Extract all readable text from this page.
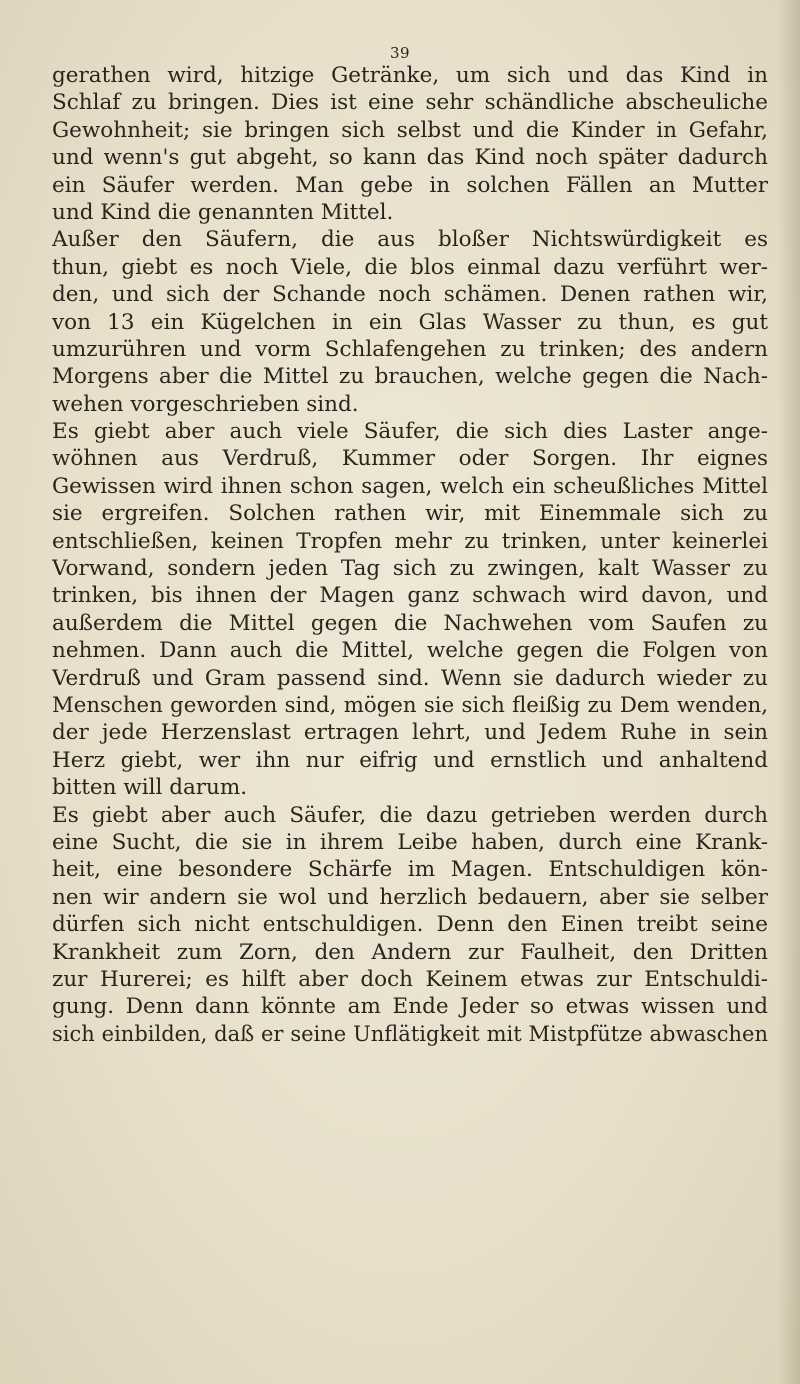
39
gerathen wird, hitzige Getränke, um sich und das Kind in
Schlaf zu bringen. Dies ist eine sehr schändliche abscheuliche
Gewohnheit; sie bringen sich selbst und die Kinder in Gefahr,
und wenn's gut abgeht, so kann das Kind noch später dadurch
ein Säufer werden. Man gebe in solchen Fällen an Mutter
und Kind die genannten Mittel.
Außer den Säufern, die aus bloßer Nichtswürdigkeit es
thun, giebt es noch Viele, die blos einmal dazu verführt wer-
den, und sich der Schande noch schämen. Denen rathen wir,
von 13 ein Kügelchen in ein Glas Wasser zu thun, es gut
umzurühren und vorm Schlafengehen zu trinken; des andern
Morgens aber die Mittel zu brauchen, welche gegen die Nach-
wehen vorgeschrieben sind.
Es giebt aber auch viele Säufer, die sich dies Laster ange-
wöhnen aus Verdruß, Kummer oder Sorgen. Ihr eignes
Gewissen wird ihnen schon sagen, welch ein scheußliches Mittel
sie ergreifen. Solchen rathen wir, mit Einemmale sich zu
entschließen, keinen Tropfen mehr zu trinken, unter keinerlei
Vorwand, sondern jeden Tag sich zu zwingen, kalt Wasser zu
trinken, bis ihnen der Magen ganz schwach wird davon, und
außerdem die Mittel gegen die Nachwehen vom Saufen zu
nehmen. Dann auch die Mittel, welche gegen die Folgen von
Verdruß und Gram passend sind. Wenn sie dadurch wieder zu
Menschen geworden sind, mögen sie sich fleißig zu Dem wenden,
der jede Herzenslast ertragen lehrt, und Jedem Ruhe in sein
Herz giebt, wer ihn nur eifrig und ernstlich und anhaltend
bitten will darum.
Es giebt aber auch Säufer, die dazu getrieben werden durch
eine Sucht, die sie in ihrem Leibe haben, durch eine Krank-
heit, eine besondere Schärfe im Magen. Entschuldigen kön-
nen wir andern sie wol und herzlich bedauern, aber sie selber
dürfen sich nicht entschuldigen. Denn den Einen treibt seine
Krankheit zum Zorn, den Andern zur Faulheit, den Dritten
zur Hurerei; es hilft aber doch Keinem etwas zur Entschuldi-
gung. Denn dann könnte am Ende Jeder so etwas wissen und
sich einbilden, daß er seine Unflätigkeit mit Mistpfütze abwaschen
